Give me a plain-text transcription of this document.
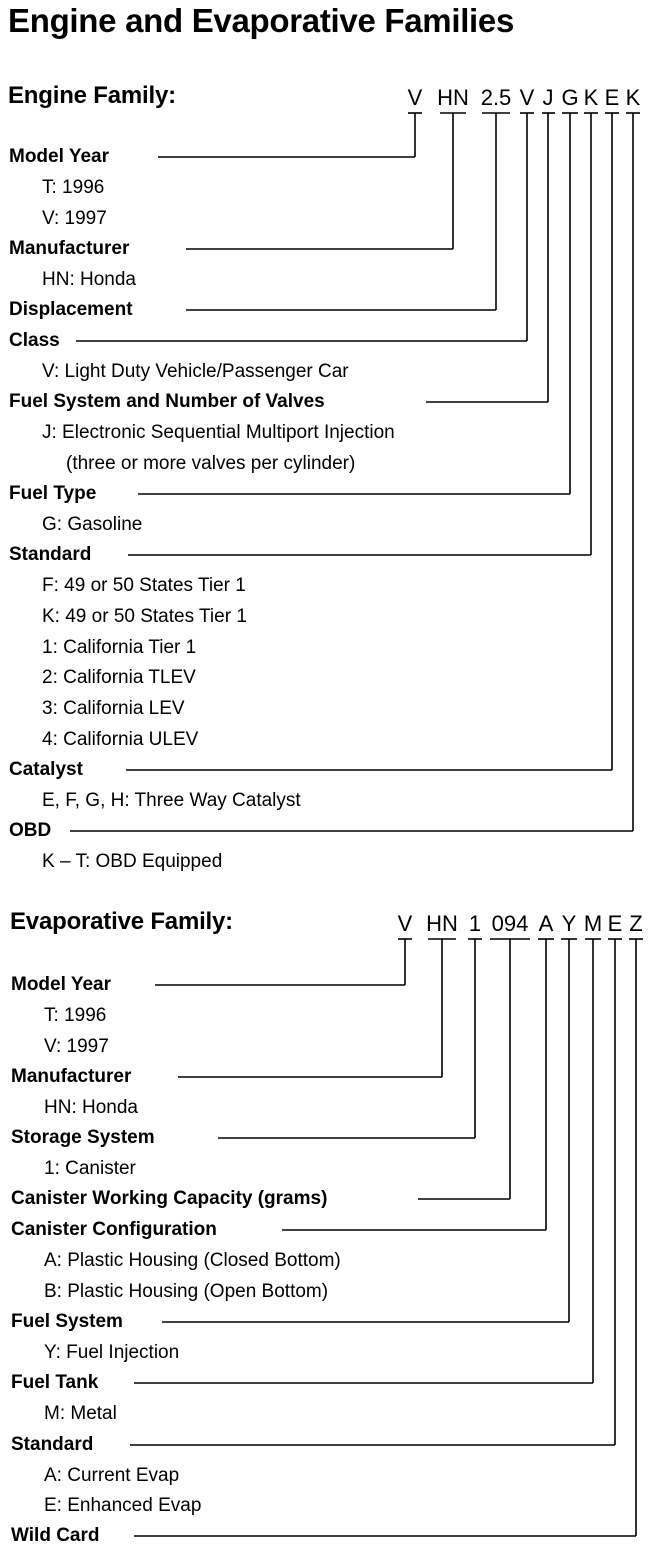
Engine and Evaporative Families
Engine Family:	V HN 2.5 V J G K E K
Model Year
T: 1996
V: 1997
Manufacturer
HN: Honda
Displacement
Class
V: Light Duty Vehicle/Passenger Car
Fuel System and Number of Valves
J: Electronic Sequential Multiport Injection
(three or more valves per cylinder)
Fuel Type
G: Gasoline
Standard
F: 49 or 50 States Tier 1
K: 49 or 50 States Tier 1
1: California Tier 1
2: California TLEV
3: California LEV
4: California ULEV
Catalyst
E, F, G, H: Three Way Catalyst
OBD
K – T: OBD Equipped
Evaporative Family:	V HN 1 094 A Y M E Z
Model Year
T: 1996
V: 1997
Manufacturer
HN: Honda
Storage System
1: Canister
Canister Working Capacity (grams)
Canister Configuration
A: Plastic Housing (Closed Bottom)
B: Plastic Housing (Open Bottom)
Fuel System
Y: Fuel Injection
Fuel Tank
M: Metal
Standard
A: Current Evap
E: Enhanced Evap
Wild Card
